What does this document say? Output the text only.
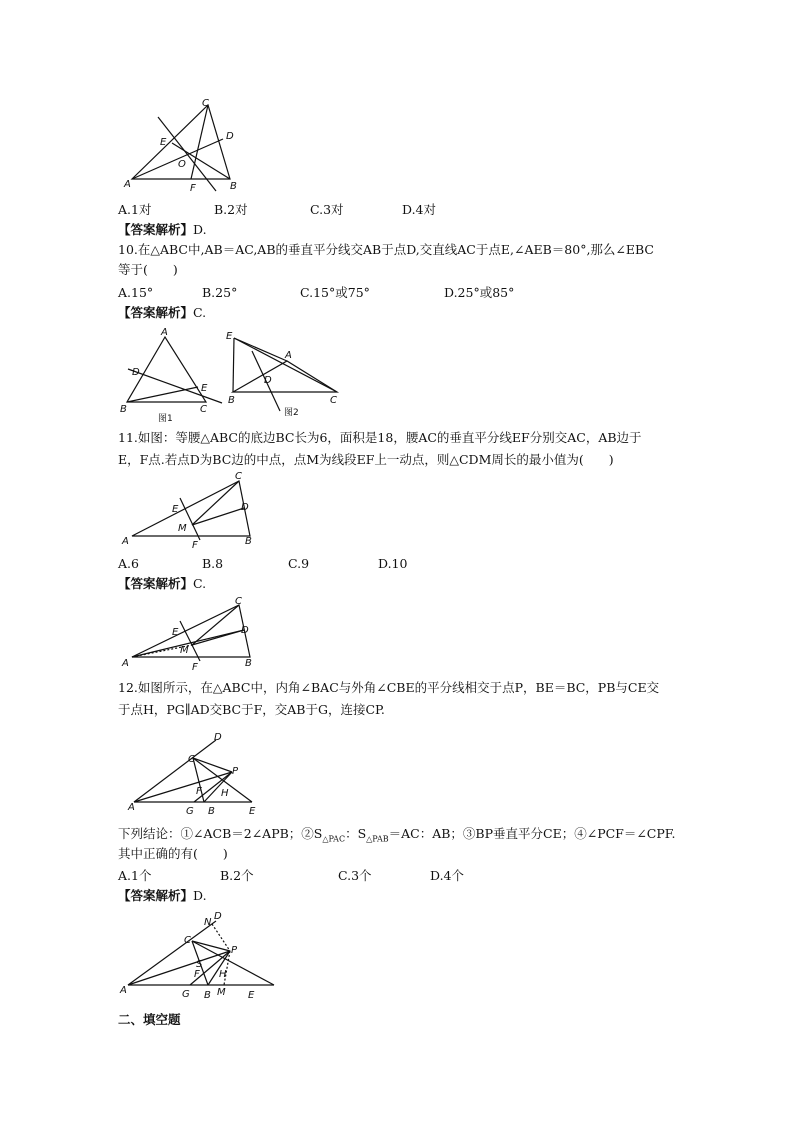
C
D
E
O
A	F	B
A.1对	B.2对	C.3对	D.4对
【答案解析】D.
10.在△ABC中,AB＝AC,AB的垂直平分线交AB于点D,交直线AC于点E,∠AEB＝80°,那么∠EBC
等于(　　)
A.15°	B.25°	C.15°或75°	D.25°或85°
【答案解析】C.
A
D
E
B	C
图1
E
A
D
B	C
图2
11.如图：等腰△ABC的底边BC长为6，面积是18，腰AC的垂直平分线EF分别交AC，AB边于
E，F点.若点D为BC边的中点，点M为线段EF上一动点，则△CDM周长的最小值为(　　)
C
E	D
M
F
A	B
A.6	B.8	C.9	D.10
【答案解析】C.
C
E	D
M
A	F	B
12.如图所示，在△ABC中，内角∠BAC与外角∠CBE的平分线相交于点P，BE＝BC，PB与CE交
于点H，PG∥AD交BC于F，交AB于G，连接CP.
D
C
P
F H
A	G B	E
下列结论：①∠ACB＝2∠APB；$②S_{\triangle PAC}$：$S_{\triangle PAB}=AC$：AB；③BP垂直平分CE；④∠PCF＝∠CPF.
其中正确的有(　　)
A.1个	B.2个	C.3个	D.4个
【答案解析】D.
N
D
C
P
S
F H
A	G B M E
二、填空题
